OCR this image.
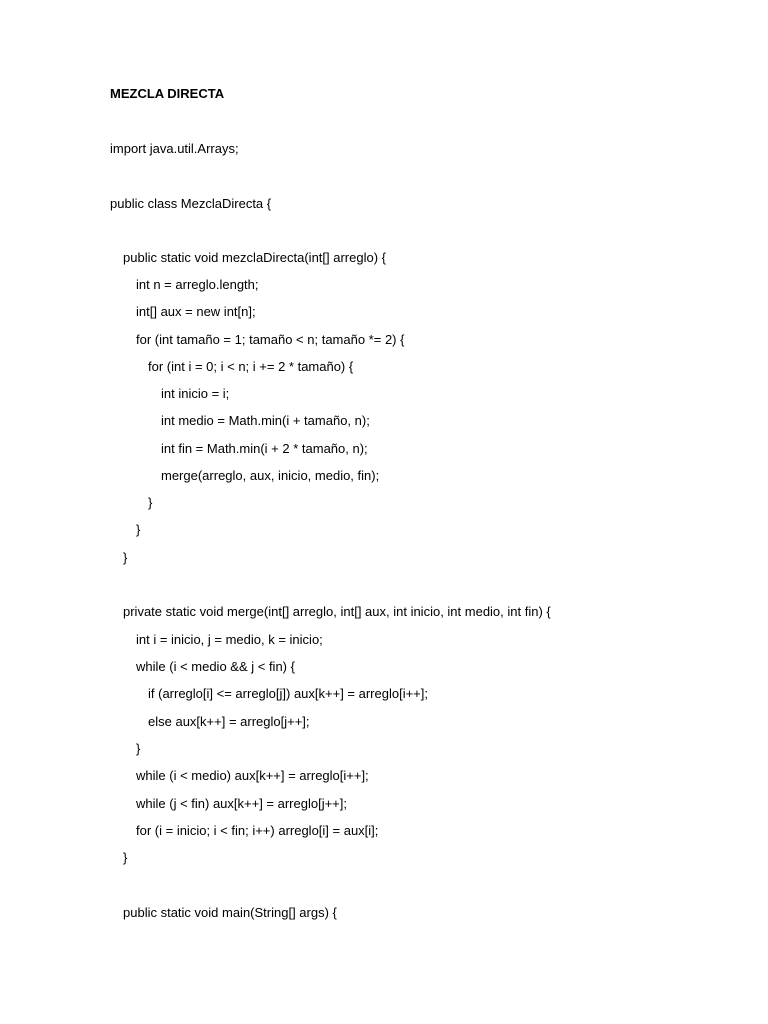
MEZCLA DIRECTA
import java.util.Arrays;
public class MezclaDirecta {
public static void mezclaDirecta(int[] arreglo) {
int n = arreglo.length;
int[] aux = new int[n];
for (int tamaño = 1; tamaño < n; tamaño *= 2) {
for (int i = 0; i < n; i += 2 * tamaño) {
int inicio = i;
int medio = Math.min(i + tamaño, n);
int fin = Math.min(i + 2 * tamaño, n);
merge(arreglo, aux, inicio, medio, fin);
}
}
}
private static void merge(int[] arreglo, int[] aux, int inicio, int medio, int fin) {
int i = inicio, j = medio, k = inicio;
while (i < medio && j < fin) {
if (arreglo[i] <= arreglo[j]) aux[k++] = arreglo[i++];
else aux[k++] = arreglo[j++];
}
while (i < medio) aux[k++] = arreglo[i++];
while (j < fin) aux[k++] = arreglo[j++];
for (i = inicio; i < fin; i++) arreglo[i] = aux[i];
}
public static void main(String[] args) {
